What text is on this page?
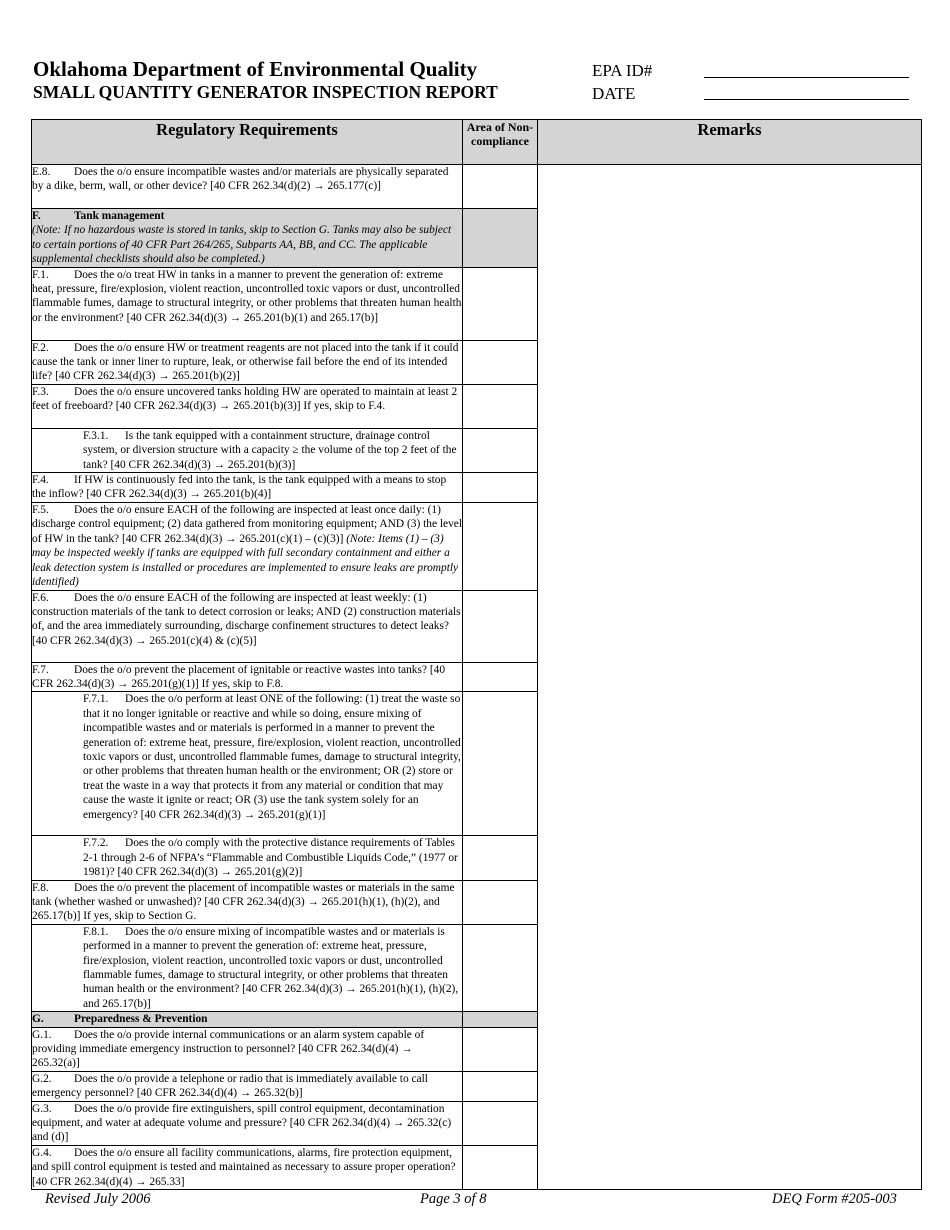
Oklahoma Department of Environmental Quality
SMALL QUANTITY GENERATOR INSPECTION REPORT
EPA ID#
DATE
Regulatory Requirements	Area of Non-compliance	Remarks
E.8. Does the o/o ensure incompatible wastes and/or materials are physically separated by a dike, berm, wall, or other device? [40 CFR 262.34(d)(2) → 265.177(c)]		
F. Tank management
(Note: If no hazardous waste is stored in tanks, skip to Section G. Tanks may also be subject to certain portions of 40 CFR Part 264/265, Subparts AA, BB, and CC. The applicable supplemental checklists should also be completed.)		
F.1. Does the o/o treat HW in tanks in a manner to prevent the generation of: extreme heat, pressure, fire/explosion, violent reaction, uncontrolled toxic vapors or dust, uncontrolled flammable fumes, damage to structural integrity, or other problems that threaten human health or the environment? [40 CFR 262.34(d)(3) → 265.201(b)(1) and 265.17(b)]		
F.2. Does the o/o ensure HW or treatment reagents are not placed into the tank if it could cause the tank or inner liner to rupture, leak, or otherwise fail before the end of its intended life? [40 CFR 262.34(d)(3) → 265.201(b)(2)]		
F.3. Does the o/o ensure uncovered tanks holding HW are operated to maintain at least 2 feet of freeboard? [40 CFR 262.34(d)(3) → 265.201(b)(3)] If yes, skip to F.4.		
F.3.1. Is the tank equipped with a containment structure, drainage control system, or diversion structure with a capacity ≥ the volume of the top 2 feet of the tank? [40 CFR 262.34(d)(3) → 265.201(b)(3)]		
F.4. If HW is continuously fed into the tank, is the tank equipped with a means to stop the inflow? [40 CFR 262.34(d)(3) → 265.201(b)(4)]		
F.5. Does the o/o ensure EACH of the following are inspected at least once daily: (1) discharge control equipment; (2) data gathered from monitoring equipment; AND (3) the level of HW in the tank? [40 CFR 262.34(d)(3) → 265.201(c)(1) – (c)(3)] (Note: Items (1) – (3) may be inspected weekly if tanks are equipped with full secondary containment and either a leak detection system is installed or procedures are implemented to ensure leaks are promptly identified)		
F.6. Does the o/o ensure EACH of the following are inspected at least weekly: (1) construction materials of the tank to detect corrosion or leaks; AND (2) construction materials of, and the area immediately surrounding, discharge confinement structures to detect leaks? [40 CFR 262.34(d)(3) → 265.201(c)(4) & (c)(5)]		
F.7. Does the o/o prevent the placement of ignitable or reactive wastes into tanks? [40 CFR 262.34(d)(3) → 265.201(g)(1)] If yes, skip to F.8.		
F.7.1. Does the o/o perform at least ONE of the following: (1) treat the waste so that it no longer ignitable or reactive and while so doing, ensure mixing of incompatible wastes and or materials is performed in a manner to prevent the generation of: extreme heat, pressure, fire/explosion, violent reaction, uncontrolled toxic vapors or dust, uncontrolled flammable fumes, damage to structural integrity, or other problems that threaten human health or the environment; OR (2) store or treat the waste in a way that protects it from any material or condition that may cause the waste it ignite or react; OR (3) use the tank system solely for an emergency? [40 CFR 262.34(d)(3) → 265.201(g)(1)]		
F.7.2. Does the o/o comply with the protective distance requirements of Tables 2-1 through 2-6 of NFPA’s “Flammable and Combustible Liquids Code,” (1977 or 1981)? [40 CFR 262.34(d)(3) → 265.201(g)(2)]		
F.8. Does the o/o prevent the placement of incompatible wastes or materials in the same tank (whether washed or unwashed)? [40 CFR 262.34(d)(3) → 265.201(h)(1), (h)(2), and 265.17(b)] If yes, skip to Section G.		
F.8.1. Does the o/o ensure mixing of incompatible wastes and or materials is performed in a manner to prevent the generation of: extreme heat, pressure, fire/explosion, violent reaction, uncontrolled toxic vapors or dust, uncontrolled flammable fumes, damage to structural integrity, or other problems that threaten human health or the environment? [40 CFR 262.34(d)(3) → 265.201(h)(1), (h)(2), and 265.17(b)]		
G. Preparedness & Prevention		
G.1. Does the o/o provide internal communications or an alarm system capable of providing immediate emergency instruction to personnel? [40 CFR 262.34(d)(4) → 265.32(a)]		
G.2. Does the o/o provide a telephone or radio that is immediately available to call emergency personnel? [40 CFR 262.34(d)(4) → 265.32(b)]		
G.3. Does the o/o provide fire extinguishers, spill control equipment, decontamination equipment, and water at adequate volume and pressure? [40 CFR 262.34(d)(4) → 265.32(c) and (d)]		
G.4. Does the o/o ensure all facility communications, alarms, fire protection equipment, and spill control equipment is tested and maintained as necessary to assure proper operation? [40 CFR 262.34(d)(4) → 265.33]		
Revised July 2006	Page 3 of 8	DEQ Form #205-003
